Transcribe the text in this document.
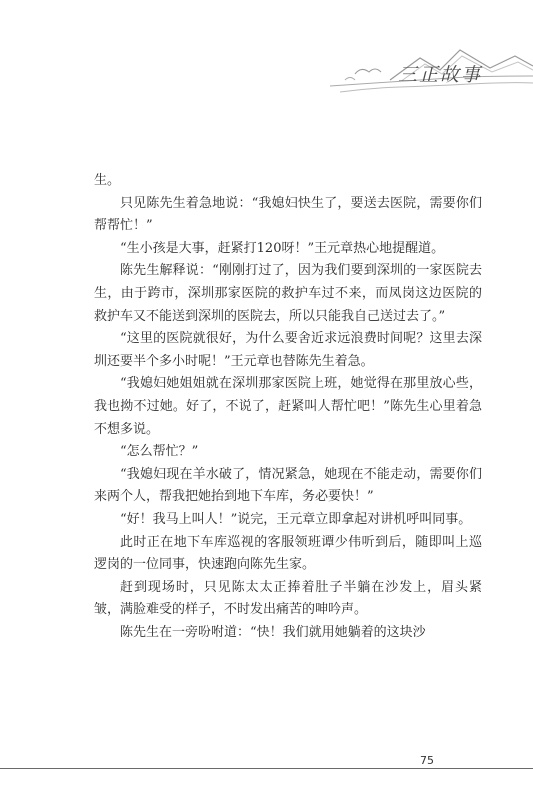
三正故事

生。

只见陈先生着急地说：“我媳妇快生了，要送去医院，需要你们帮帮忙！”

“生小孩是大事，赶紧打120呀！”王元章热心地提醒道。

陈先生解释说：“刚刚打过了，因为我们要到深圳的一家医院去生，由于跨市，深圳那家医院的救护车过不来，而凤岗这边医院的救护车又不能送到深圳的医院去，所以只能我自己送过去了。”

“这里的医院就很好，为什么要舍近求远浪费时间呢？这里去深圳还要半个多小时呢！”王元章也替陈先生着急。

“我媳妇她姐姐就在深圳那家医院上班，她觉得在那里放心些，我也拗不过她。好了，不说了，赶紧叫人帮忙吧！”陈先生心里着急不想多说。

“怎么帮忙？”

“我媳妇现在羊水破了，情况紧急，她现在不能走动，需要你们来两个人，帮我把她抬到地下车库，务必要快！”

“好！我马上叫人！”说完，王元章立即拿起对讲机呼叫同事。

此时正在地下车库巡视的客服领班谭少伟听到后，随即叫上巡逻岗的一位同事，快速跑向陈先生家。

赶到现场时，只见陈太太正捧着肚子半躺在沙发上，眉头紧皱，满脸难受的样子，不时发出痛苦的呻吟声。

陈先生在一旁吩咐道：“快！我们就用她躺着的这块沙

75
